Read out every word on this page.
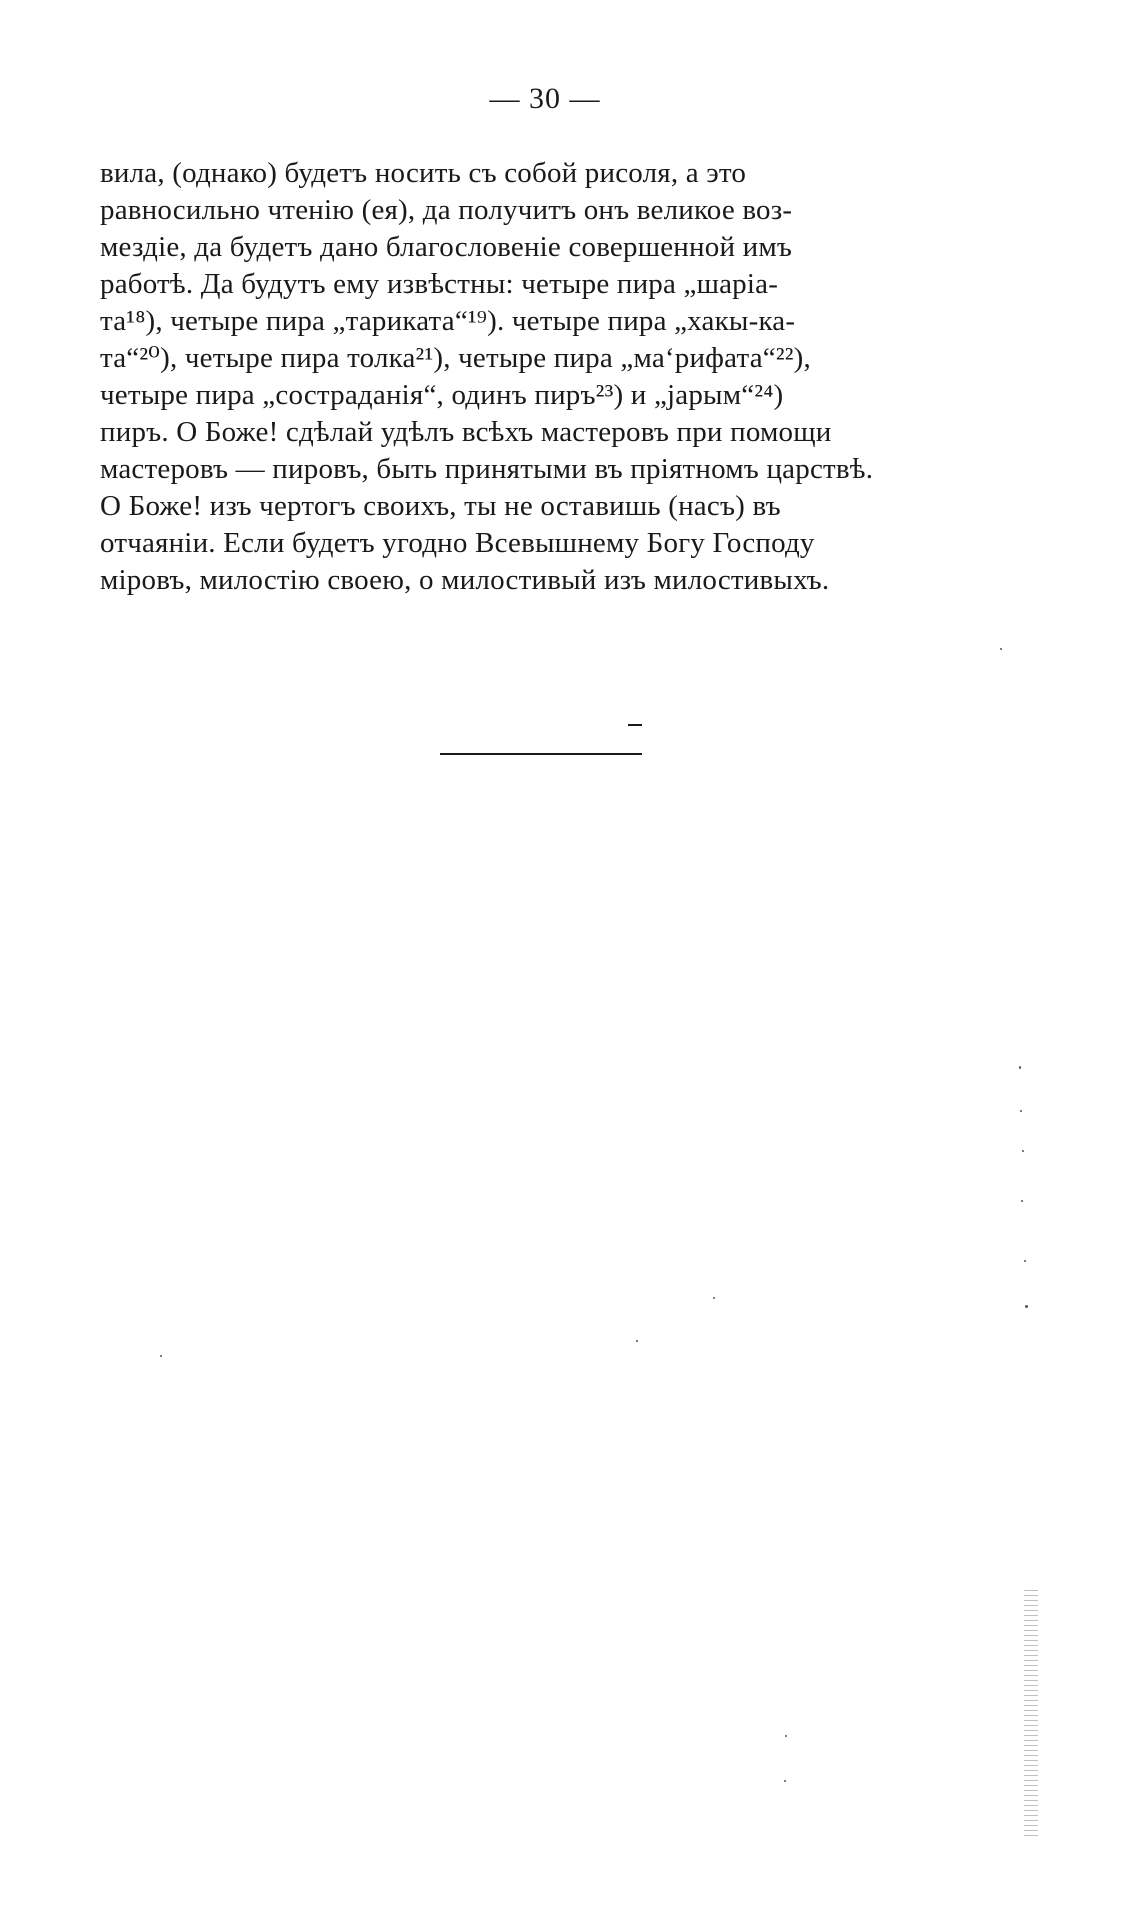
— 30 —
вила, (однако) будетъ носить съ собой рисоля, а это
равносильно чтенію (ея), да получитъ онъ великое воз-
мездіе, да будетъ дано благословеніе совершенной имъ
работѣ. Да будутъ ему извѣстны: четыре пира „шаріа-
та¹⁸), четыре пира „тариката“¹⁹). четыре пира „хакы-ка-
та“²⁰), четыре пира толка²¹), четыре пира „маʻрифата“²²),
четыре пира „состраданія“, одинъ пиръ²³) и „јарым“²⁴)
пиръ. О Боже! сдѣлай удѣлъ всѣхъ мастеровъ при помощи
мастеровъ — пировъ, быть принятыми въ пріятномъ царствѣ.
О Боже! изъ чертогъ своихъ, ты не оставишь (насъ) въ
отчаяніи. Если будетъ угодно Всевышнему Богу Господу
міровъ, милостію своею, о милостивый изъ милостивыхъ.
